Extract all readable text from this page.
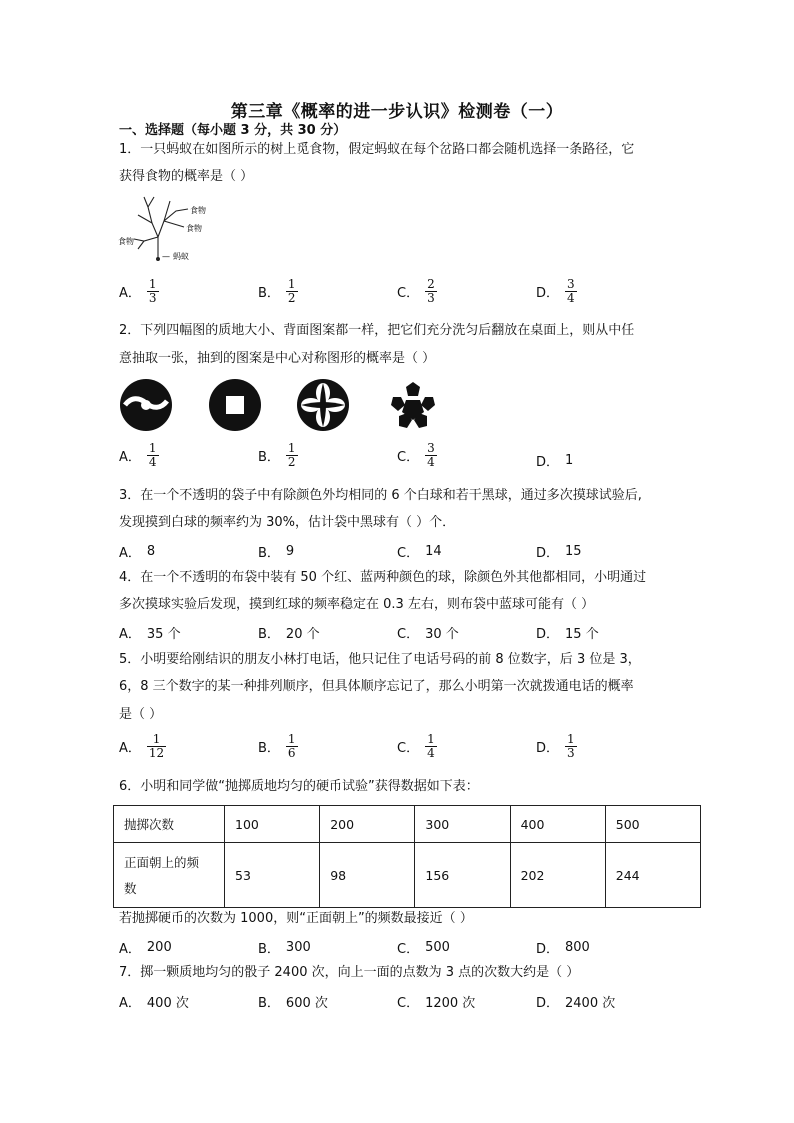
第三章《概率的进一步认识》检测卷（一）
一、选择题（每小题 3 分，共 30 分）
1．一只蚂蚁在如图所示的树上觅食物，假定蚂蚁在每个岔路口都会随机选择一条路径，它
获得食物的概率是（ ）
食物
食物
食物
— 蚂蚁
A． $\frac{1}{3}$	B． $\frac{1}{2}$	C． $\frac{2}{3}$	D． $\frac{3}{4}$
2．下列四幅图的质地大小、背面图案都一样，把它们充分洗匀后翻放在桌面上，则从中任
意抽取一张，抽到的图案是中心对称图形的概率是（ ）
A． $\frac{1}{4}$	B． $\frac{1}{2}$	C． $\frac{3}{4}$	D． 1
3．在一个不透明的袋子中有除颜色外均相同的 6 个白球和若干黑球，通过多次摸球试验后,
发现摸到白球的频率约为 30%，估计袋中黑球有（ ）个．
A． 8	B． 9	C． 14	D． 15
4．在一个不透明的布袋中装有 50 个红、蓝两种颜色的球，除颜色外其他都相同，小明通过
多次摸球实验后发现，摸到红球的频率稳定在 0.3 左右，则布袋中蓝球可能有（ ）
A． 35 个	B． 20 个	C． 30 个	D． 15 个
5．小明要给刚结识的朋友小林打电话，他只记住了电话号码的前 8 位数字，后 3 位是 3，
6，8 三个数字的某一种排列顺序，但具体顺序忘记了，那么小明第一次就拨通电话的概率
是（ ）
A． $\frac{1}{12}$	B． $\frac{1}{6}$	C． $\frac{1}{4}$	D． $\frac{1}{3}$
6．小明和同学做“抛掷质地均匀的硬币试验”获得数据如下表：
抛掷次数	100	200	300	400	500

正面朝上的频
数	53	98	156	202	244
若抛掷硬币的次数为 1000，则“正面朝上”的频数最接近（ ）
A． 200	B． 300	C． 500	D． 800
7．掷一颗质地均匀的骰子 2400 次，向上一面的点数为 3 点的次数大约是（ ）
A． 400 次	B． 600 次	C． 1200 次	D． 2400 次
